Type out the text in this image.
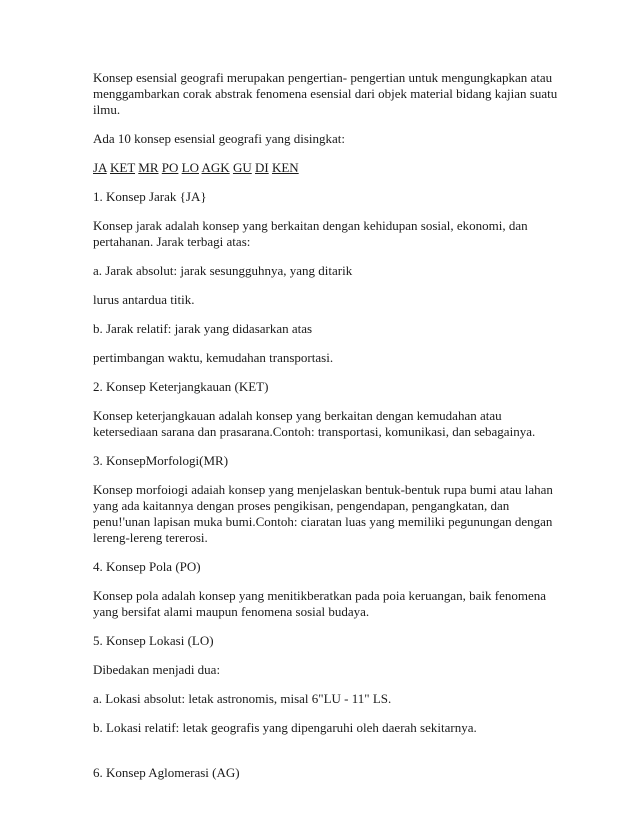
Konsep esensial geografi merupakan pengertian- pengertian untuk mengungkapkan atau menggambarkan corak abstrak fenomena esensial dari objek material bidang kajian suatu ilmu.

Ada 10 konsep esensial geografi yang disingkat:

JA KET MR PO LO AGK GU DI KEN

1. Konsep Jarak {JA}

Konsep jarak adalah konsep yang berkaitan dengan kehidupan sosial, ekonomi, dan pertahanan. Jarak terbagi atas:

a. Jarak absolut: jarak sesungguhnya, yang ditarik

lurus antardua titik.

b. Jarak relatif: jarak yang didasarkan atas

pertimbangan waktu, kemudahan transportasi.

2. Konsep Keterjangkauan (KET)

Konsep keterjangkauan adalah konsep yang berkaitan dengan kemudahan atau ketersediaan sarana dan prasarana.Contoh: transportasi, komunikasi, dan sebagainya.

3. KonsepMorfologi(MR)

Konsep morfoiogi adaiah konsep yang menjelaskan bentuk-bentuk rupa bumi atau lahan yang ada kaitannya dengan proses pengikisan, pengendapan, pengangkatan, dan penu!'unan lapisan muka bumi.Contoh: ciaratan luas yang memiliki pegunungan dengan lereng-lereng tererosi.

4. Konsep Pola (PO)

Konsep pola adalah konsep yang menitikberatkan pada poia keruangan, baik fenomena yang bersifat alami maupun fenomena sosial budaya.

5. Konsep Lokasi (LO)

Dibedakan menjadi dua:

a. Lokasi absolut: letak astronomis, misal 6"LU - 11" LS.

b. Lokasi relatif: letak geografis yang dipengaruhi oleh daerah sekitarnya.

6. Konsep Aglomerasi (AG)
